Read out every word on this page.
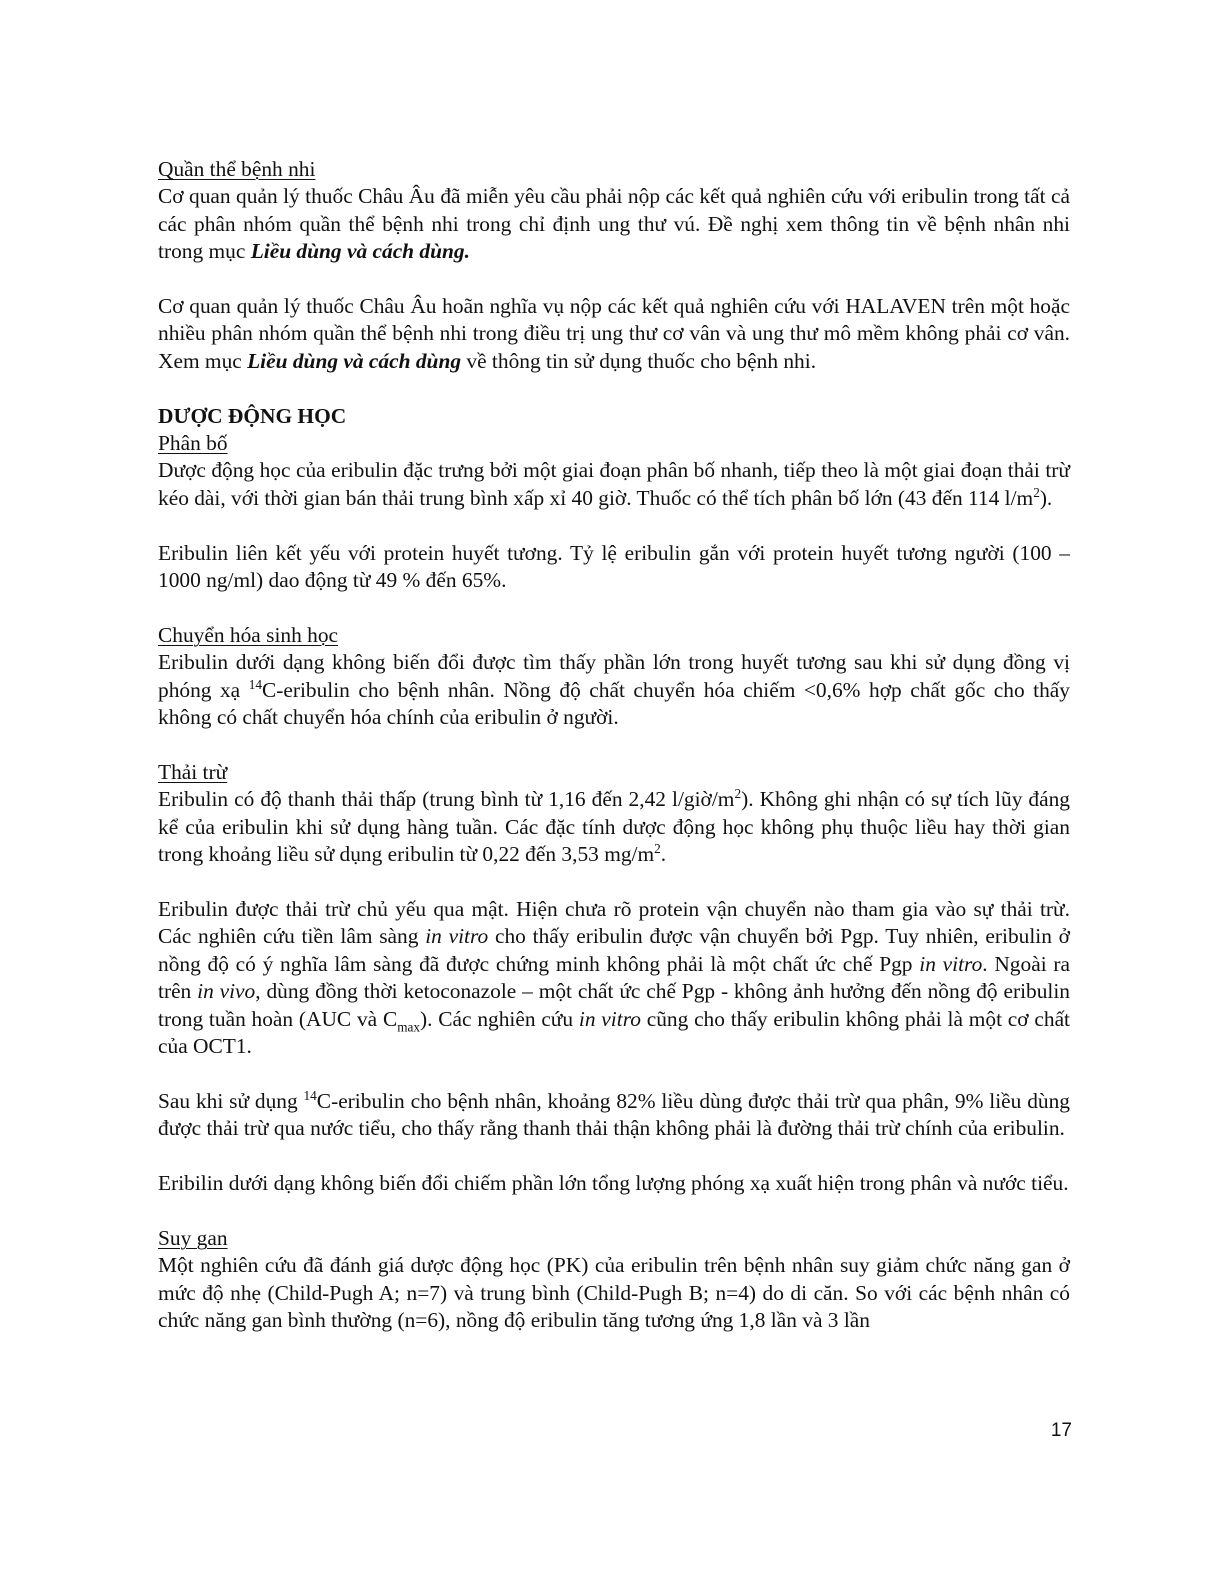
Quần thể bệnh nhi

Cơ quan quản lý thuốc Châu Âu đã miễn yêu cầu phải nộp các kết quả nghiên cứu với eribulin trong tất cả các phân nhóm quần thể bệnh nhi trong chỉ định ung thư vú. Đề nghị xem thông tin về bệnh nhân nhi trong mục Liều dùng và cách dùng.

Cơ quan quản lý thuốc Châu Âu hoãn nghĩa vụ nộp các kết quả nghiên cứu với HALAVEN trên một hoặc nhiều phân nhóm quần thể bệnh nhi trong điều trị ung thư cơ vân và ung thư mô mềm không phải cơ vân. Xem mục Liều dùng và cách dùng về thông tin sử dụng thuốc cho bệnh nhi.

DƯỢC ĐỘNG HỌC
Phân bố

Dược động học của eribulin đặc trưng bởi một giai đoạn phân bố nhanh, tiếp theo là một giai đoạn thải trừ kéo dài, với thời gian bán thải trung bình xấp xỉ 40 giờ. Thuốc có thể tích phân bố lớn (43 đến 114 $l/m^2$).

Eribulin liên kết yếu với protein huyết tương. Tỷ lệ eribulin gắn với protein huyết tương người (100 – 1000 ng/ml) dao động từ 49 % đến 65%.

Chuyển hóa sinh học

Eribulin dưới dạng không biến đổi được tìm thấy phần lớn trong huyết tương sau khi sử dụng đồng vị phóng xạ $^{14}$C-eribulin cho bệnh nhân. Nồng độ chất chuyển hóa chiếm <0,6% hợp chất gốc cho thấy không có chất chuyển hóa chính của eribulin ở người.

Thải trừ

Eribulin có độ thanh thải thấp (trung bình từ 1,16 đến 2,42 $l/giờ/m^2$). Không ghi nhận có sự tích lũy đáng kể của eribulin khi sử dụng hàng tuần. Các đặc tính dược động học không phụ thuộc liều hay thời gian trong khoảng liều sử dụng eribulin từ 0,22 đến 3,53 $mg/m^2$.

Eribulin được thải trừ chủ yếu qua mật. Hiện chưa rõ protein vận chuyển nào tham gia vào sự thải trừ. Các nghiên cứu tiền lâm sàng in vitro cho thấy eribulin được vận chuyển bởi Pgp. Tuy nhiên, eribulin ở nồng độ có ý nghĩa lâm sàng đã được chứng minh không phải là một chất ức chế Pgp in vitro. Ngoài ra trên in vivo, dùng đồng thời ketoconazole – một chất ức chế Pgp - không ảnh hưởng đến nồng độ eribulin trong tuần hoàn (AUC và $C_{max}$). Các nghiên cứu in vitro cũng cho thấy eribulin không phải là một cơ chất của OCT1.

Sau khi sử dụng $^{14}$C-eribulin cho bệnh nhân, khoảng 82% liều dùng được thải trừ qua phân, 9% liều dùng được thải trừ qua nước tiểu, cho thấy rằng thanh thải thận không phải là đường thải trừ chính của eribulin.

Eribilin dưới dạng không biến đổi chiếm phần lớn tổng lượng phóng xạ xuất hiện trong phân và nước tiểu.

Suy gan

Một nghiên cứu đã đánh giá dược động học (PK) của eribulin trên bệnh nhân suy giảm chức năng gan ở mức độ nhẹ (Child-Pugh A; n=7) và trung bình (Child-Pugh B; n=4) do di căn. So với các bệnh nhân có chức năng gan bình thường (n=6), nồng độ eribulin tăng tương ứng 1,8 lần và 3 lần

17
